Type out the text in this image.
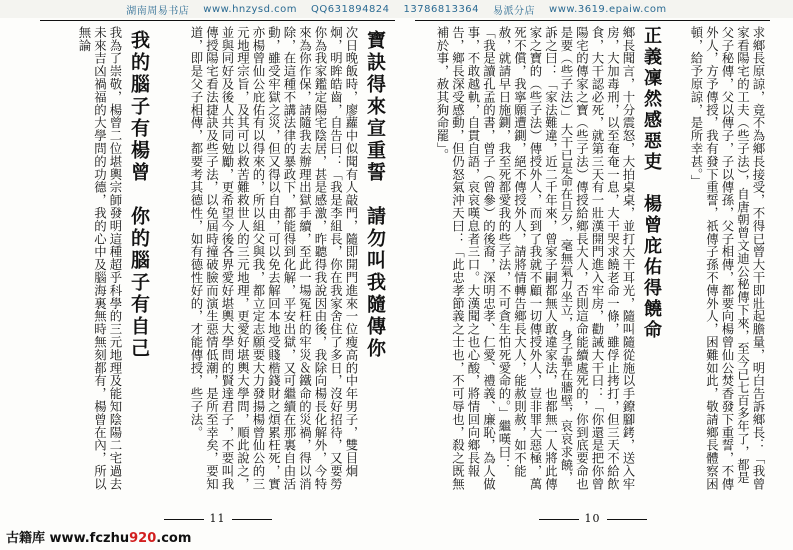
湖南周易书店 www.hnzysd.com QQ631894824 13786813364 易派分店 www.3619.epaiw.com
求鄉長原諒，竟不為鄉長接受，不得已曾大干即壯起膽量，明白告訴鄉長：「我曾家看陽宅的工夫（些子法），自唐朝曾文迪公秘傳下來，至今已七百多年了，都是父子秘傳，父以傳子，子以傳孫，父子相傳，都要向楊曾仙公焚香發下重誓，不傳外人，方予傳授，我有發下重誓，祇傳子孫不傳外人，困難如此，敬請鄉長體察困頓，給予原諒，是所幸甚。」
正義凜然感惡吏　楊曾庇佑得饒命
鄉長聞言，十分震怒，大拍桌桌，並打大干耳光，隨叫隨從施以手鐐腳銬，送入牢房，大加毒刑，以至奄奄一息，大干哭求饒老命一條，雖俘止拷打，但三天不給飲食，大干認必死，就第三天有一壯漢開門進入牢房，勸誡大干曰：「你還是把你曾陽宅的傳家之寶（些子法）傳授給鄉長大人，否則這命能續處死的，你到底要命也是要（些子法）」大干已是命在旦夕，毫無氣力坐立，身子靠在牆壁，哀哀求饒，訴之曰：「家法難違，近二千年來，曾家子嗣都無人敢違家法，也都無一人將此傳家之寶的（些子法）傳授外人，而到了我就不顧一切傳授外人，豈非罪大惡極，萬死不償，我寧願遭鍘，絕不傳授外人，請將情轉告鄉長大人，能赦則赦，如不能赦，就請早日施鍘，我至死都愛我的些子法，不可貪生怕死愛命的。」繼嘆曰：「我是讀孔孟的書，曾子（曾參）的後裔，深明忠孝、仁愛、禮義、廉恥，為人做事，不敢越軌，自貫自語，哀哀嘆息者三口。大漢聞之也心酸，將情回向鄉長報告，鄉長深受感動，但仍怒氣沖天曰：「此忠孝節義之士也，不可辱也，殺之既無補於事，赦其狗命罷」。
10
寶訣得來宣重誓　請勿叫我隨傳你
次日晚飯時，廖蘿中似聞有人敲門，隨即開門進來一位瘦高的中年男子，雙目炯炯，明眸皓齒，自告曰：「我是李組長，你在我家舍住了多日，沒好招待，又要勞你為我家鑑定陽宅陰居，甚是感激，昨聽得我說因由後，我除向楊長化解外，今特來為你作保，請隨我去辦理出獄手續，至此一場冤枉的牢災＆鐵命的災禍，得以消除，在這種不講法律的暴政下，都能得到化解，平安出獄，又可繼續在那裏自由活動，雖受牢獄之災，但又得以自由，可以免去解回本地受賤楷錢財之煩累枉死，實亦楊曾仙公庇佑有以得來的，所以組父與我，都立定志願要大力發揚楊曾仙公的三元地理宗旨，及其可以救苦難救世人的三元地理，更愛好堪輿大學問，順此說之，並與同好及後人共同勉勵，更希望今後各界愛好堪輿大學問的賢達君子，不要叫我傳授陽宅看法捷訣及些子法，以免屆時撞破臉而演生惡情低潮，是所至幸矣，要知道，即是父子相傳，都要考其德性，如有德性好的，才能傳授，些子法。
我的腦子有楊曾　你的腦子有自己
我為了崇敬，楊曾二位堪輿宗師發明這種超乎科學的三元地理及能知陰陽二宅過去未來吉凶禍福的大學問的功德，我的心中及腦海裏無時無刻都有，楊曾在內，所以無論
11
古籍库 www.fczhu920.com
